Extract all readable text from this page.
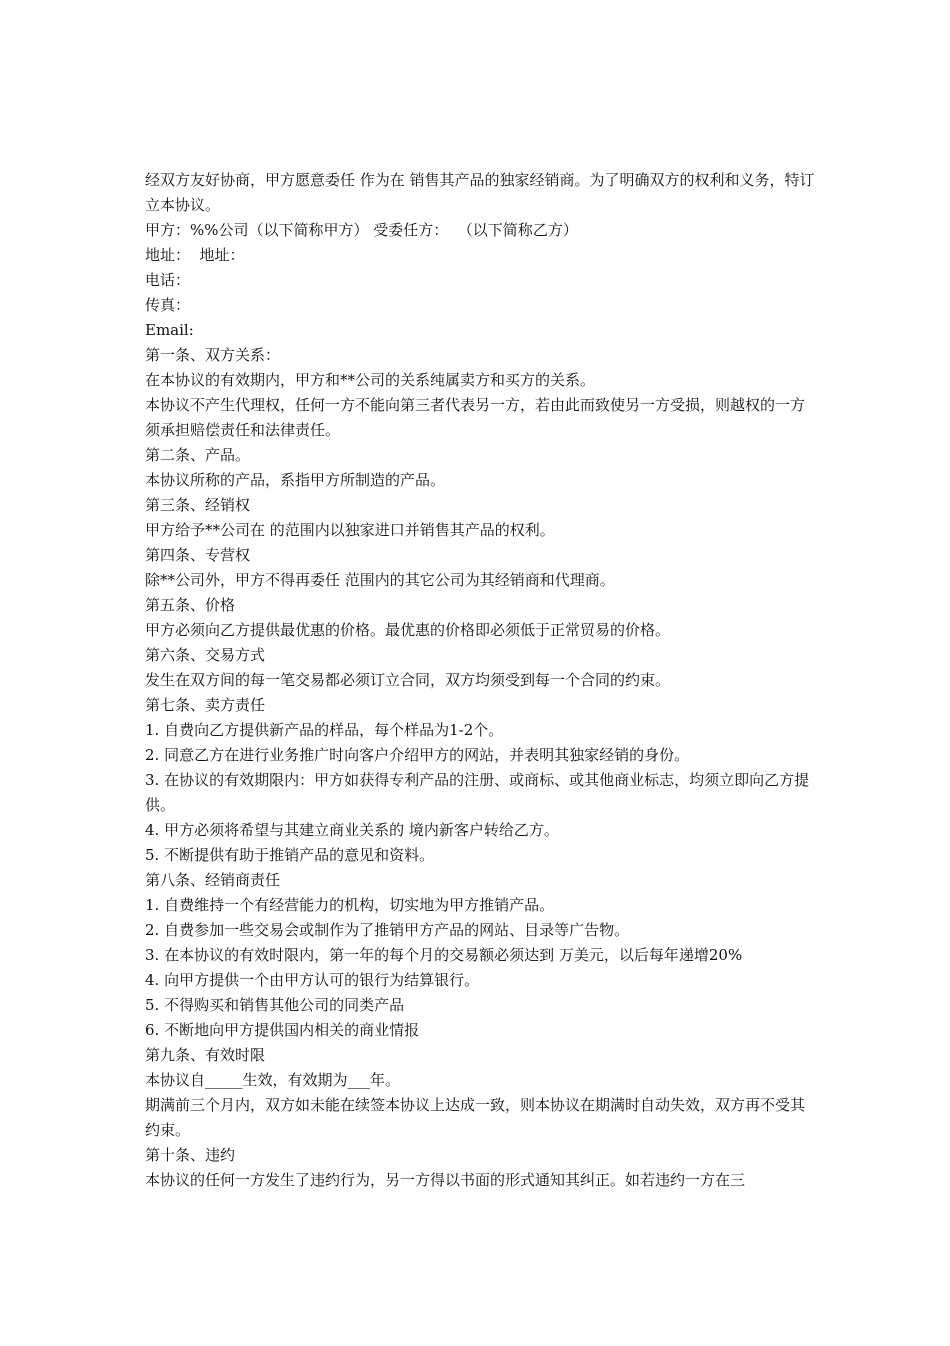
经双方友好协商，甲方愿意委任 作为在 销售其产品的独家经销商。为了明确双方的权利和义务，特订立本协议。

甲方：%%公司（以下简称甲方） 受委任方：  （以下简称乙方）

地址：  地址：

电话：

传真：

Email:

第一条、双方关系：

在本协议的有效期内，甲方和**公司的关系纯属卖方和买方的关系。

本协议不产生代理权，任何一方不能向第三者代表另一方，若由此而致使另一方受损，则越权的一方须承担赔偿责任和法律责任。

第二条、产品。

本协议所称的产品，系指甲方所制造的产品。

第三条、经销权

甲方给予**公司在 的范围内以独家进口并销售其产品的权利。

第四条、专营权

除**公司外，甲方不得再委任 范围内的其它公司为其经销商和代理商。

第五条、价格

甲方必须向乙方提供最优惠的价格。最优惠的价格即必须低于正常贸易的价格。

第六条、交易方式

发生在双方间的每一笔交易都必须订立合同，双方均须受到每一个合同的约束。

第七条、卖方责任

1. 自费向乙方提供新产品的样品，每个样品为1-2个。

2. 同意乙方在进行业务推广时向客户介绍甲方的网站，并表明其独家经销的身份。

3. 在协议的有效期限内：甲方如获得专利产品的注册、或商标、或其他商业标志，均须立即向乙方提供。

4. 甲方必须将希望与其建立商业关系的 境内新客户转给乙方。

5. 不断提供有助于推销产品的意见和资料。

第八条、经销商责任

1. 自费维持一个有经营能力的机构，切实地为甲方推销产品。

2. 自费参加一些交易会或制作为了推销甲方产品的网站、目录等广告物。

3. 在本协议的有效时限内，第一年的每个月的交易额必须达到 万美元，以后每年递增20%

4. 向甲方提供一个由甲方认可的银行为结算银行。

5. 不得购买和销售其他公司的同类产品

6. 不断地向甲方提供国内相关的商业情报

第九条、有效时限

本协议自_____生效，有效期为___年。

期满前三个月内，双方如未能在续签本协议上达成一致，则本协议在期满时自动失效，双方再不受其约束。

第十条、违约

本协议的任何一方发生了违约行为，另一方得以书面的形式通知其纠正。如若违约一方在三
